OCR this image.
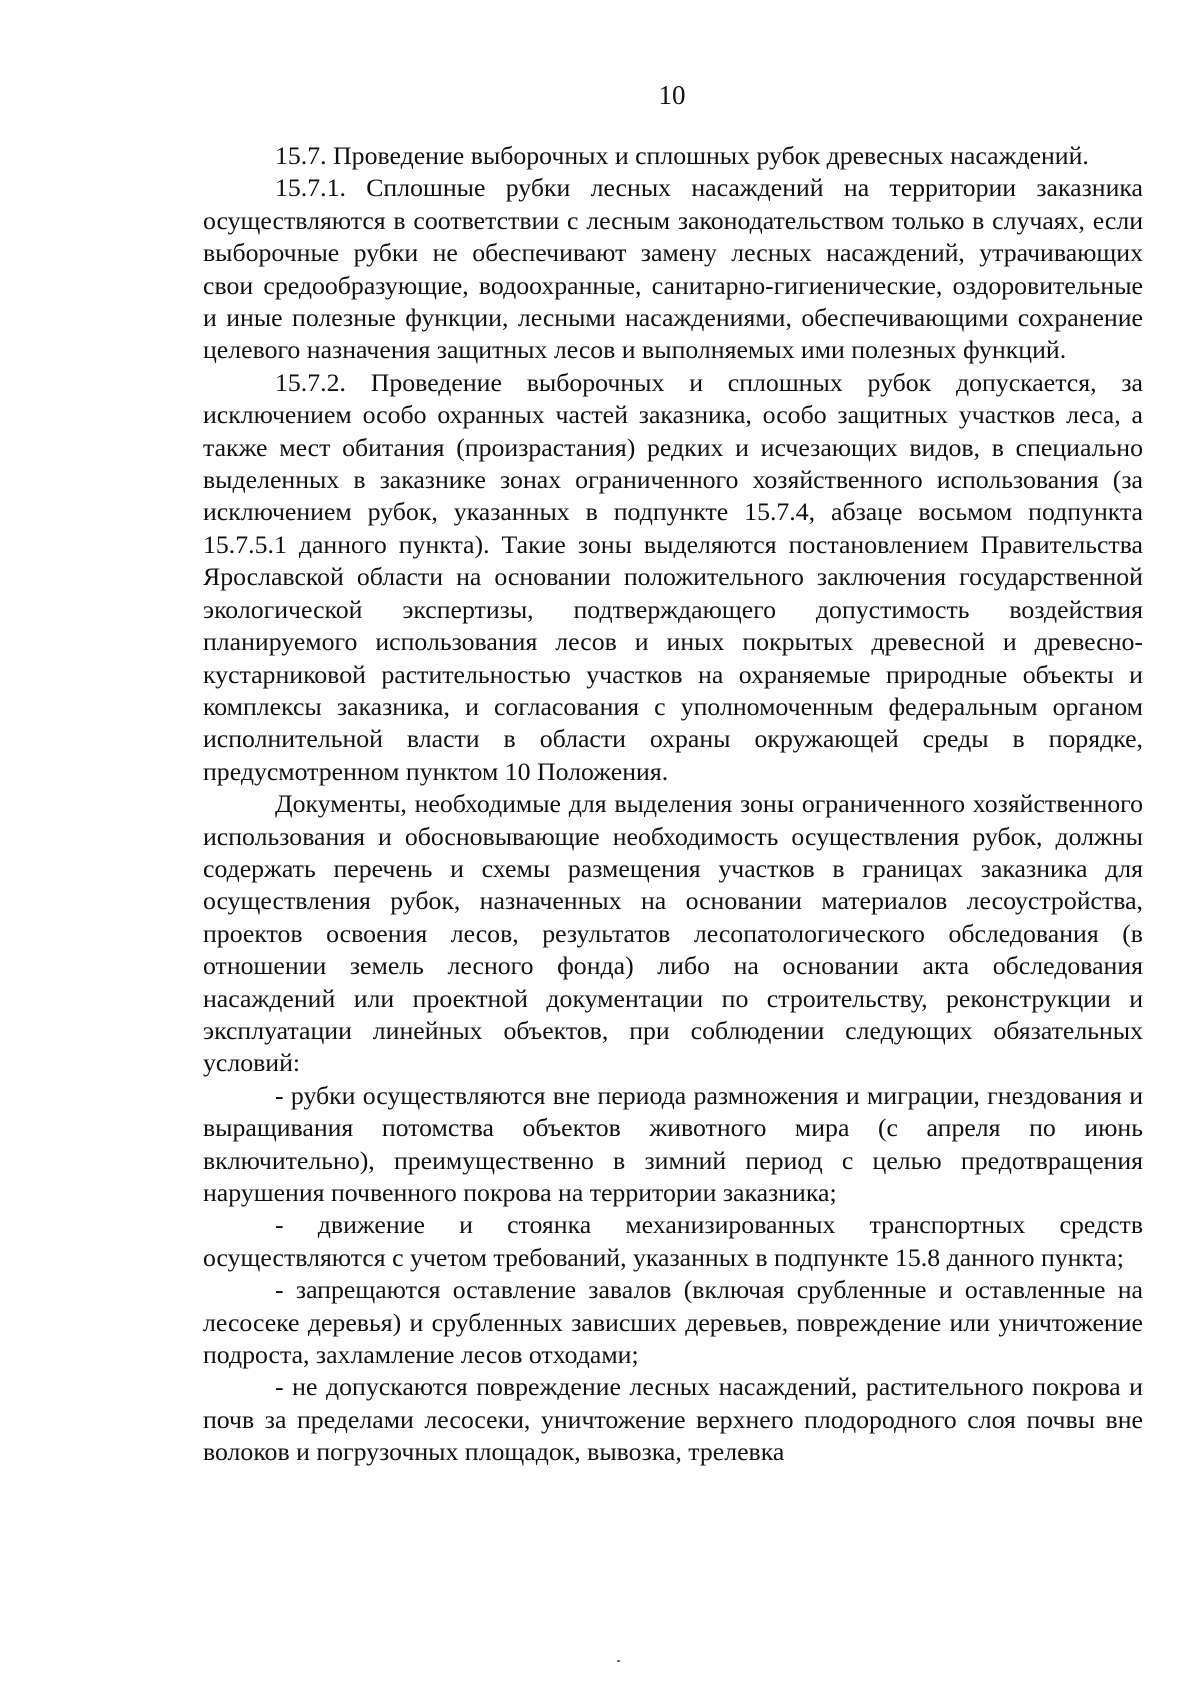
10

15.7. Проведение выборочных и сплошных рубок древесных насаждений.

15.7.1. Сплошные рубки лесных насаждений на территории заказника осуществляются в соответствии с лесным законодательством только в случаях, если выборочные рубки не обеспечивают замену лесных насаждений, утрачивающих свои средообразующие, водоохранные, санитарно-гигиенические, оздоровительные и иные полезные функции, лесными насаждениями, обеспечивающими сохранение целевого назначения защитных лесов и выполняемых ими полезных функций.

15.7.2. Проведение выборочных и сплошных рубок допускается, за исключением особо охранных частей заказника, особо защитных участков леса, а также мест обитания (произрастания) редких и исчезающих видов, в специально выделенных в заказнике зонах ограниченного хозяйственного использования (за исключением рубок, указанных в подпункте 15.7.4, абзаце восьмом подпункта 15.7.5.1 данного пункта). Такие зоны выделяются постановлением Правительства Ярославской области на основании положительного заключения государственной экологической экспертизы, подтверждающего допустимость воздействия планируемого использования лесов и иных покрытых древесной и древесно-кустарниковой растительностью участков на охраняемые природные объекты и комплексы заказника, и согласования с уполномоченным федеральным органом исполнительной власти в области охраны окружающей среды в порядке, предусмотренном пунктом 10 Положения.

Документы, необходимые для выделения зоны ограниченного хозяйственного использования и обосновывающие необходимость осуществления рубок, должны содержать перечень и схемы размещения участков в границах заказника для осуществления рубок, назначенных на основании материалов лесоустройства, проектов освоения лесов, результатов лесопатологического обследования (в отношении земель лесного фонда) либо на основании акта обследования насаждений или проектной документации по строительству, реконструкции и эксплуатации линейных объектов, при соблюдении следующих обязательных условий:

- рубки осуществляются вне периода размножения и миграции, гнездования и выращивания потомства объектов животного мира (с апреля по июнь включительно), преимущественно в зимний период с целью предотвращения нарушения почвенного покрова на территории заказника;

- движение и стоянка механизированных транспортных средств осуществляются с учетом требований, указанных в подпункте 15.8 данного пункта;

- запрещаются оставление завалов (включая срубленные и оставленные на лесосеке деревья) и срубленных зависших деревьев, повреждение или уничтожение подроста, захламление лесов отходами;

- не допускаются повреждение лесных насаждений, растительного покрова и почв за пределами лесосеки, уничтожение верхнего плодородного слоя почвы вне волоков и погрузочных площадок, вывозка, трелевка
